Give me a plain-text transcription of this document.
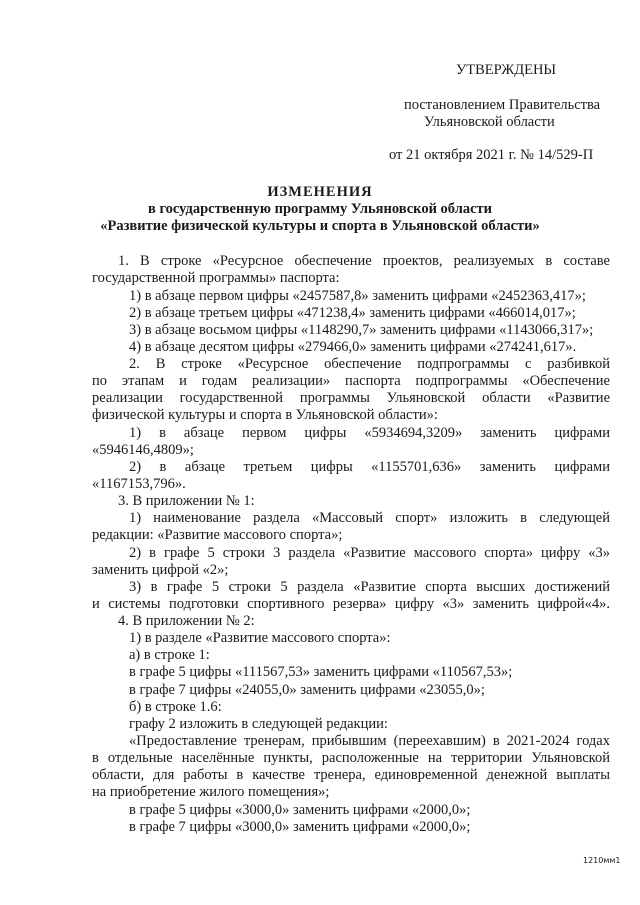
УТВЕРЖДЕНЫ
постановлением Правительства
Ульяновской области
от 21 октября 2021 г. № 14/529-П
ИЗМЕНЕНИЯ
в государственную программу Ульяновской области
«Развитие физической культуры и спорта в Ульяновской области»
1. В строке «Ресурсное обеспечение проектов, реализуемых в составе
государственной программы» паспорта:
1) в абзаце первом цифры «2457587,8» заменить цифрами «2452363,417»;
2) в абзаце третьем цифры «471238,4» заменить цифрами «466014,017»;
3) в абзаце восьмом цифры «1148290,7» заменить цифрами «1143066,317»;
4) в абзаце десятом цифры «279466,0» заменить цифрами «274241,617».
2. В строке «Ресурсное обеспечение подпрограммы с разбивкой
по этапам и годам реализации» паспорта подпрограммы «Обеспечение
реализации государственной программы Ульяновской области «Развитие
физической культуры и спорта в Ульяновской области»:
1) в абзаце первом цифры «5934694,3209» заменить цифрами
«5946146,4809»;
2) в абзаце третьем цифры «1155701,636» заменить цифрами
«1167153,796».
3. В приложении № 1:
1) наименование раздела «Массовый спорт» изложить в следующей
редакции: «Развитие массового спорта»;
2) в графе 5 строки 3 раздела «Развитие массового спорта» цифру «3»
заменить цифрой «2»;
3) в графе 5 строки 5 раздела «Развитие спорта высших достижений
и системы подготовки спортивного резерва» цифру «3» заменить цифрой«4».
4. В приложении № 2:
1) в разделе «Развитие массового спорта»:
а) в строке 1:
в графе 5 цифры «111567,53» заменить цифрами «110567,53»;
в графе 7 цифры «24055,0» заменить цифрами «23055,0»;
б) в строке 1.6:
графу 2 изложить в следующей редакции:
«Предоставление тренерам, прибывшим (переехавшим) в 2021-2024 годах
в отдельные населённые пункты, расположенные на территории Ульяновской
области, для работы в качестве тренера, единовременной денежной выплаты
на приобретение жилого помещения»;
в графе 5 цифры «3000,0» заменить цифрами «2000,0»;
в графе 7 цифры «3000,0» заменить цифрами «2000,0»;
1210мм1
